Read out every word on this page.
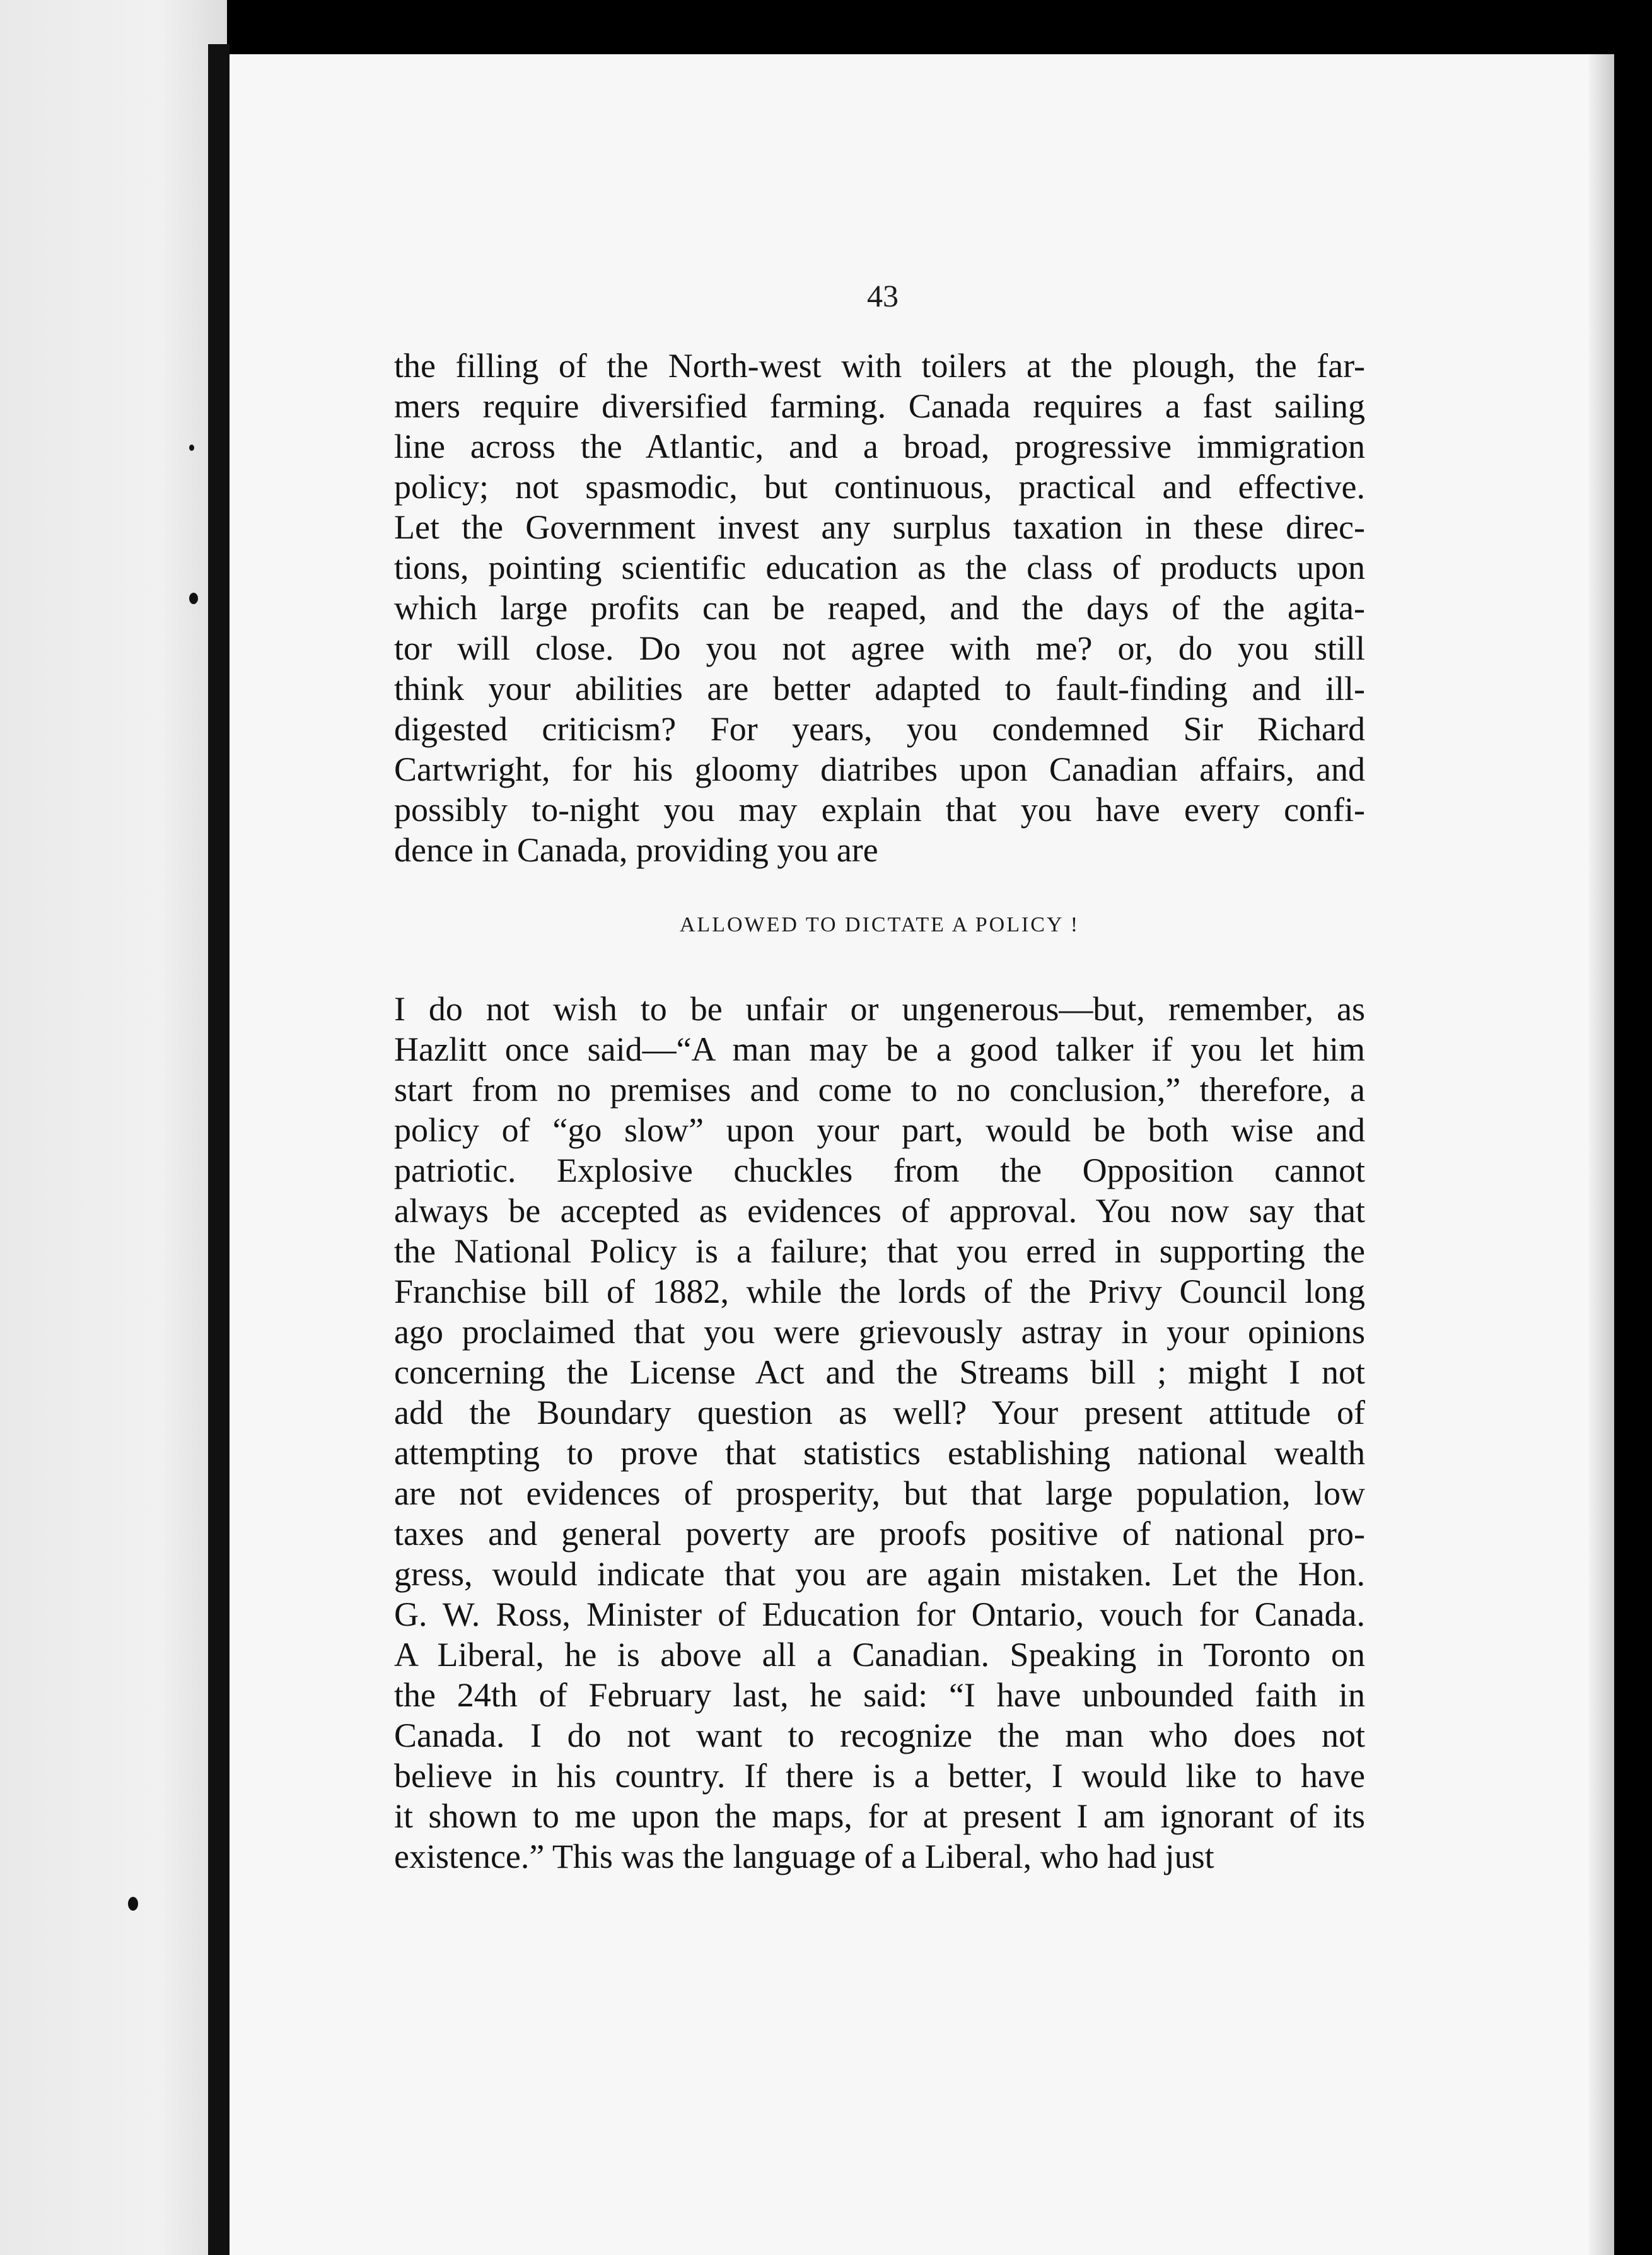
43
the filling of the North-west with toilers at the plough, the far-
mers require diversified farming. Canada requires a fast sailing
line across the Atlantic, and a broad, progressive immigration
policy; not spasmodic, but continuous, practical and effective.
Let the Government invest any surplus taxation in these direc-
tions, pointing scientific education as the class of products upon
which large profits can be reaped, and the days of the agita-
tor will close. Do you not agree with me? or, do you still
think your abilities are better adapted to fault-finding and ill-
digested criticism? For years, you condemned Sir Richard
Cartwright, for his gloomy diatribes upon Canadian affairs, and
possibly to-night you may explain that you have every confi-
dence in Canada, providing you are
ALLOWED TO DICTATE A POLICY !
I do not wish to be unfair or ungenerous—but, remember, as
Hazlitt once said—“A man may be a good talker if you let him
start from no premises and come to no conclusion,” therefore, a
policy of “go slow” upon your part, would be both wise and
patriotic. Explosive chuckles from the Opposition cannot
always be accepted as evidences of approval. You now say that
the National Policy is a failure; that you erred in supporting the
Franchise bill of 1882, while the lords of the Privy Council long
ago proclaimed that you were grievously astray in your opinions
concerning the License Act and the Streams bill ; might I not
add the Boundary question as well? Your present attitude of
attempting to prove that statistics establishing national wealth
are not evidences of prosperity, but that large population, low
taxes and general poverty are proofs positive of national pro-
gress, would indicate that you are again mistaken. Let the Hon.
G. W. Ross, Minister of Education for Ontario, vouch for Canada.
A Liberal, he is above all a Canadian. Speaking in Toronto on
the 24th of February last, he said: “I have unbounded faith in
Canada. I do not want to recognize the man who does not
believe in his country. If there is a better, I would like to have
it shown to me upon the maps, for at present I am ignorant of its
existence.” This was the language of a Liberal, who had just
